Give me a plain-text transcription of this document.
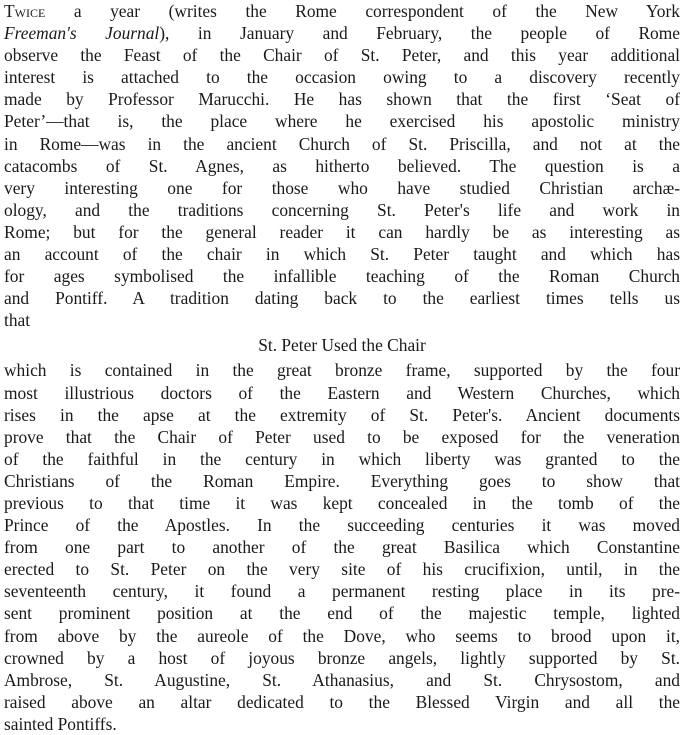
Twice a year (writes the Rome correspondent of the New York
Freeman's Journal), in January and February, the people of Rome
observe the Feast of the Chair of St. Peter, and this year additional
interest is attached to the occasion owing to a discovery recently
made by Professor Marucchi. He has shown that the first ‘Seat of
Peter’—that is, the place where he exercised his apostolic ministry
in Rome—was in the ancient Church of St. Priscilla, and not at the
catacombs of St. Agnes, as hitherto believed. The question is a
very interesting one for those who have studied Christian archæ-
ology, and the traditions concerning St. Peter's life and work in
Rome; but for the general reader it can hardly be as interesting as
an account of the chair in which St. Peter taught and which has
for ages symbolised the infallible teaching of the Roman Church
and Pontiff. A tradition dating back to the earliest times tells us
that
St. Peter Used the Chair
which is contained in the great bronze frame, supported by the four
most illustrious doctors of the Eastern and Western Churches, which
rises in the apse at the extremity of St. Peter's. Ancient documents
prove that the Chair of Peter used to be exposed for the veneration
of the faithful in the century in which liberty was granted to the
Christians of the Roman Empire. Everything goes to show that
previous to that time it was kept concealed in the tomb of the
Prince of the Apostles. In the succeeding centuries it was moved
from one part to another of the great Basilica which Constantine
erected to St. Peter on the very site of his crucifixion, until, in the
seventeenth century, it found a permanent resting place in its pre-
sent prominent position at the end of the majestic temple, lighted
from above by the aureole of the Dove, who seems to brood upon it,
crowned by a host of joyous bronze angels, lightly supported by St.
Ambrose, St. Augustine, St. Athanasius, and St. Chrysostom, and
raised above an altar dedicated to the Blessed Virgin and all the
sainted Pontiffs.
